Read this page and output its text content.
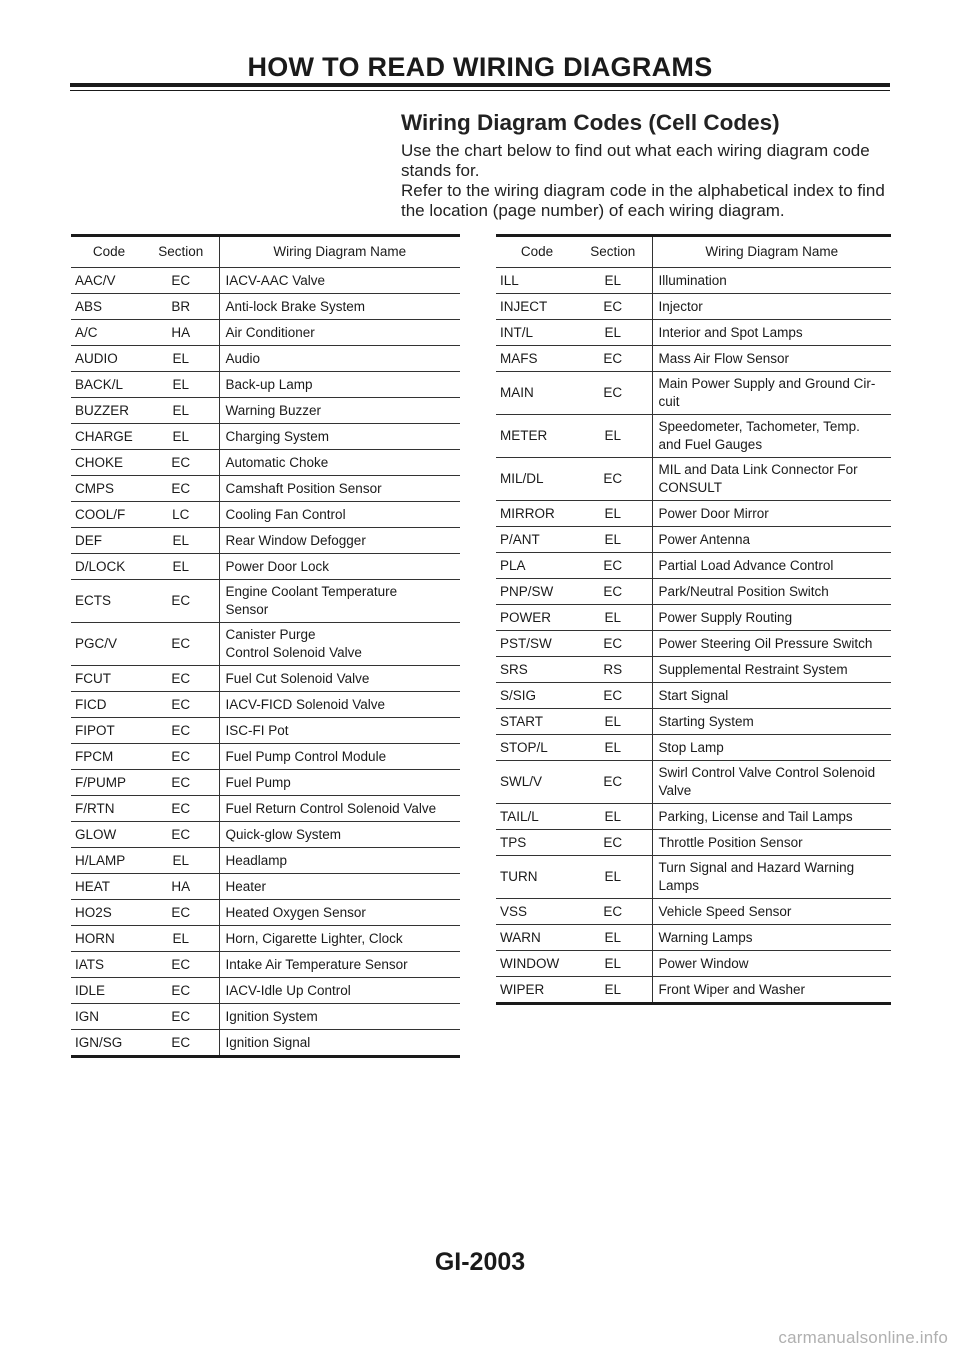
HOW TO READ WIRING DIAGRAMS
Wiring Diagram Codes (Cell Codes)

Use the chart below to find out what each wiring diagram code stands for.

Refer to the wiring diagram code in the alphabetical index to find the location (page number) of each wiring diagram.

Code	Section	Wiring Diagram Name
AAC/V	EC	IACV-AAC Valve
ABS	BR	Anti-lock Brake System
A/C	HA	Air Conditioner
AUDIO	EL	Audio
BACK/L	EL	Back-up Lamp
BUZZER	EL	Warning Buzzer
CHARGE	EL	Charging System
CHOKE	EC	Automatic Choke
CMPS	EC	Camshaft Position Sensor
COOL/F	LC	Cooling Fan Control
DEF	EL	Rear Window Defogger
D/LOCK	EL	Power Door Lock
ECTS	EC	Engine Coolant Temperature
Sensor
PGC/V	EC	Canister Purge
Control Solenoid Valve
FCUT	EC	Fuel Cut Solenoid Valve
FICD	EC	IACV-FICD Solenoid Valve
FIPOT	EC	ISC-FI Pot
FPCM	EC	Fuel Pump Control Module
F/PUMP	EC	Fuel Pump
F/RTN	EC	Fuel Return Control Solenoid Valve
GLOW	EC	Quick-glow System
H/LAMP	EL	Headlamp
HEAT	HA	Heater
HO2S	EC	Heated Oxygen Sensor
HORN	EL	Horn, Cigarette Lighter, Clock
IATS	EC	Intake Air Temperature Sensor
IDLE	EC	IACV-Idle Up Control
IGN	EC	Ignition System
IGN/SG	EC	Ignition Signal
Code	Section	Wiring Diagram Name
ILL	EL	Illumination
INJECT	EC	Injector
INT/L	EL	Interior and Spot Lamps
MAFS	EC	Mass Air Flow Sensor
MAIN	EC	Main Power Supply and Ground Cir-
cuit
METER	EL	Speedometer, Tachometer, Temp.
and Fuel Gauges
MIL/DL	EC	MIL and Data Link Connector For
CONSULT
MIRROR	EL	Power Door Mirror
P/ANT	EL	Power Antenna
PLA	EC	Partial Load Advance Control
PNP/SW	EC	Park/Neutral Position Switch
POWER	EL	Power Supply Routing
PST/SW	EC	Power Steering Oil Pressure Switch
SRS	RS	Supplemental Restraint System
S/SIG	EC	Start Signal
START	EL	Starting System
STOP/L	EL	Stop Lamp
SWL/V	EC	Swirl Control Valve Control Solenoid
Valve
TAIL/L	EL	Parking, License and Tail Lamps
TPS	EC	Throttle Position Sensor
TURN	EL	Turn Signal and Hazard Warning
Lamps
VSS	EC	Vehicle Speed Sensor
WARN	EL	Warning Lamps
WINDOW	EL	Power Window
WIPER	EL	Front Wiper and Washer
GI-2003
carmanualsonline.info
